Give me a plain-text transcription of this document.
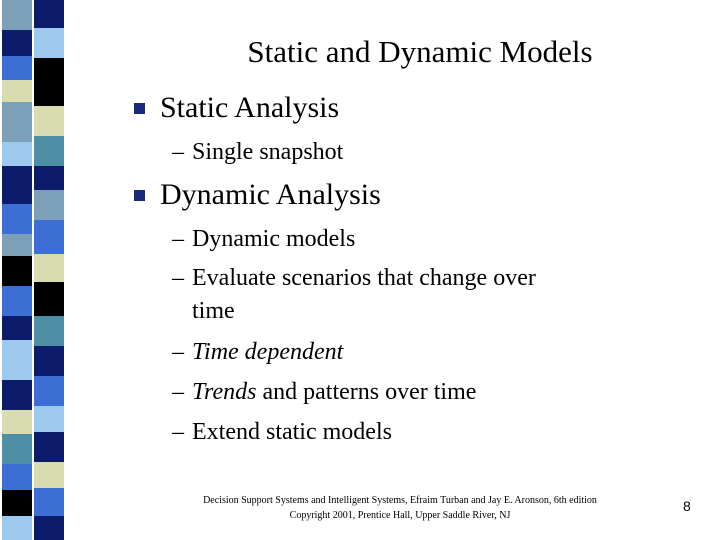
Static and Dynamic Models
Static Analysis
– Single snapshot
Dynamic Analysis
– Dynamic models
– Evaluate scenarios that change over
time
– Time dependent
– Trends and patterns over time
– Extend static models
Decision Support Systems and Intelligent Systems, Efraim Turban and Jay E. Aronson, 6th edition
Copyright 2001, Prentice Hall, Upper Saddle River, NJ
8
